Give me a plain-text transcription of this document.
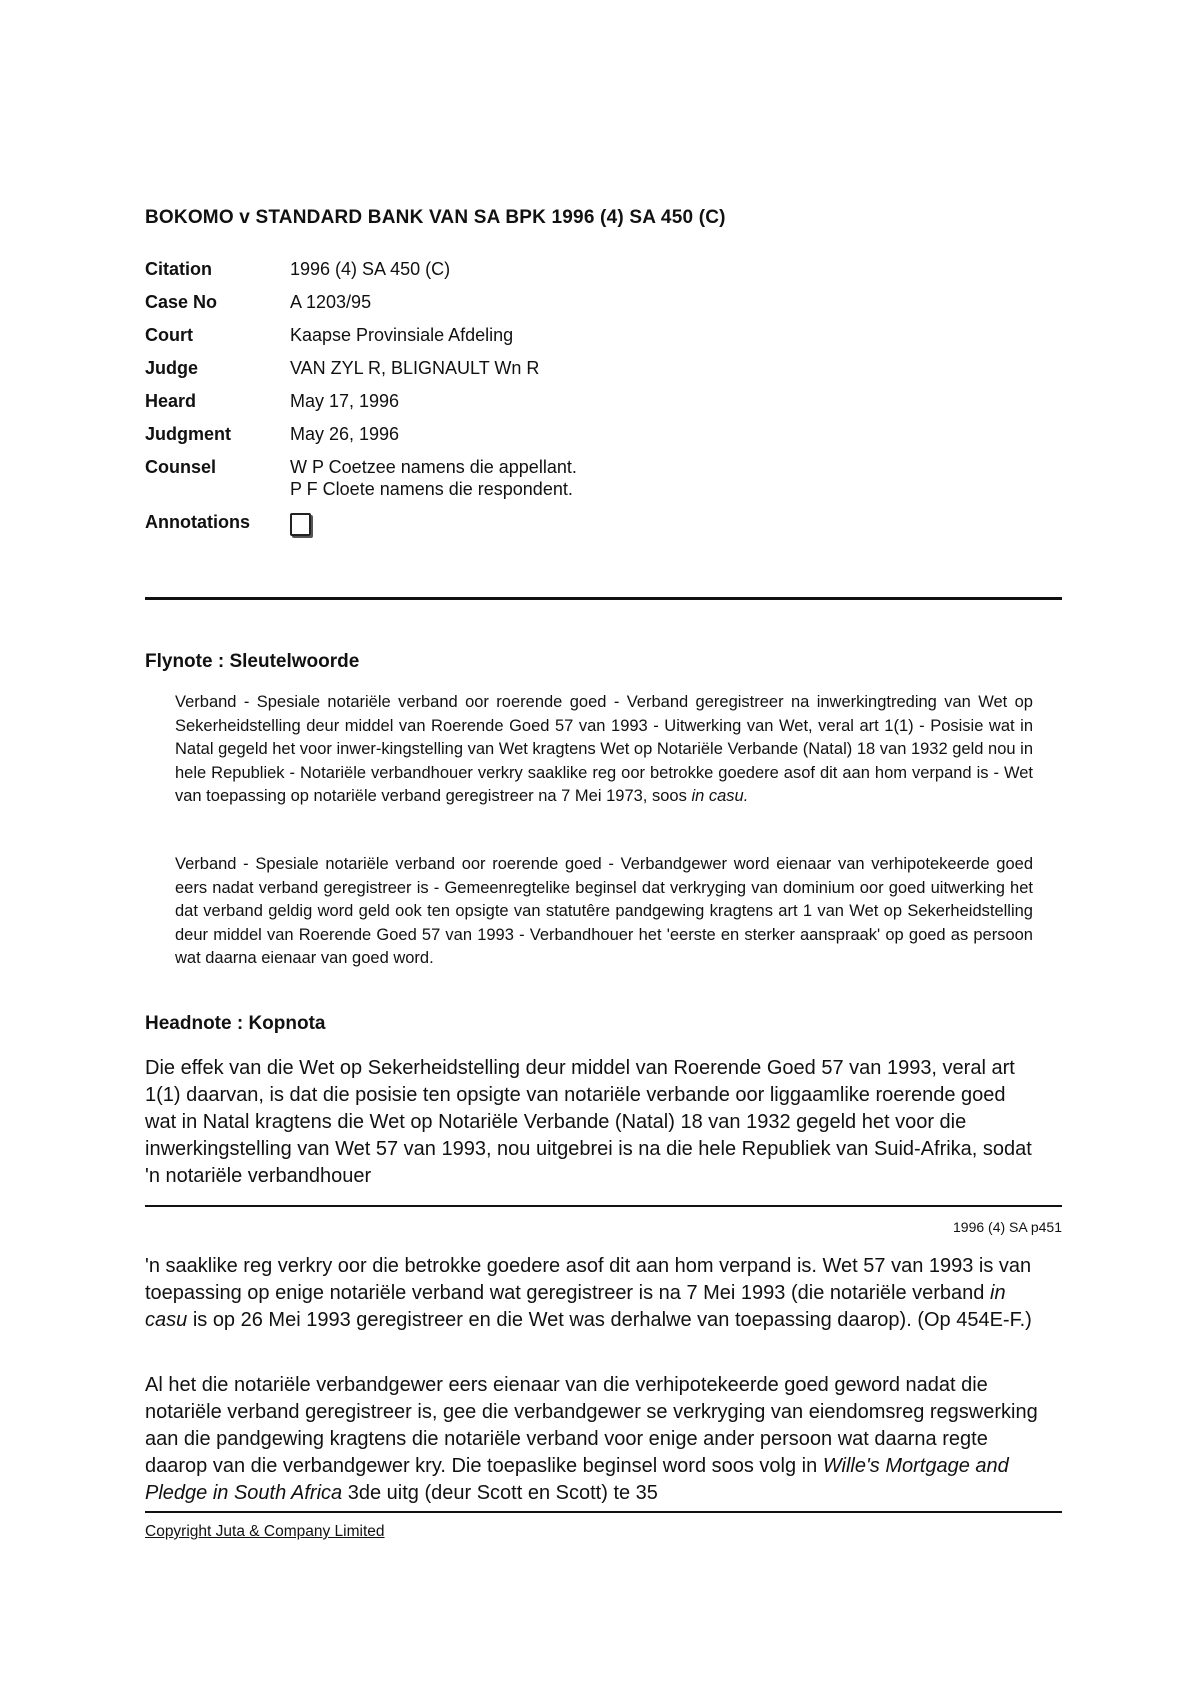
BOKOMO v STANDARD BANK VAN SA BPK 1996 (4) SA 450 (C)
Citation	1996 (4) SA 450 (C)
Case No	A 1203/95
Court	Kaapse Provinsiale Afdeling
Judge	VAN ZYL R, BLIGNAULT Wn R
Heard	May 17, 1996
Judgment	May 26, 1996
Counsel	W P Coetzee namens die appellant.
P F Cloete namens die respondent.
Annotations
Flynote : Sleutelwoorde

Verband - Spesiale notariële verband oor roerende goed - Verband geregistreer na inwerkingtreding van Wet op Sekerheidstelling deur middel van Roerende Goed 57 van 1993 - Uitwerking van Wet, veral art 1(1) - Posisie wat in Natal gegeld het voor inwer-kingstelling van Wet kragtens Wet op Notariële Verbande (Natal) 18 van 1932 geld nou in hele Republiek - Notariële verbandhouer verkry saaklike reg oor betrokke goedere asof dit aan hom verpand is - Wet van toepassing op notariële verband geregistreer na 7 Mei 1973, soos in casu.

Verband - Spesiale notariële verband oor roerende goed - Verbandgewer word eienaar van verhipotekeerde goed eers nadat verband geregistreer is - Gemeenregtelike beginsel dat verkryging van dominium oor goed uitwerking het dat verband geldig word geld ook ten opsigte van statutêre pandgewing kragtens art 1 van Wet op Sekerheidstelling deur middel van Roerende Goed 57 van 1993 - Verbandhouer het 'eerste en sterker aanspraak' op goed as persoon wat daarna eienaar van goed word.

Headnote : Kopnota

Die effek van die Wet op Sekerheidstelling deur middel van Roerende Goed 57 van 1993, veral art 1(1) daarvan, is dat die posisie ten opsigte van notariële verbande oor liggaamlike roerende goed wat in Natal kragtens die Wet op Notariële Verbande (Natal) 18 van 1932 gegeld het voor die inwerkingstelling van Wet 57 van 1993, nou uitgebrei is na die hele Republiek van Suid-Afrika, sodat 'n notariële verbandhouer

1996 (4) SA p451

'n saaklike reg verkry oor die betrokke goedere asof dit aan hom verpand is. Wet 57 van 1993 is van toepassing op enige notariële verband wat geregistreer is na 7 Mei 1993 (die notariële verband in casu is op 26 Mei 1993 geregistreer en die Wet was derhalwe van toepassing daarop). (Op 454E-F.)

Al het die notariële verbandgewer eers eienaar van die verhipotekeerde goed geword nadat die notariële verband geregistreer is, gee die verbandgewer se verkryging van eiendomsreg regswerking aan die pandgewing kragtens die notariële verband voor enige ander persoon wat daarna regte daarop van die verbandgewer kry. Die toepaslike beginsel word soos volg in Wille's Mortgage and Pledge in South Africa 3de uitg (deur Scott en Scott) te 35

Copyright Juta & Company Limited
